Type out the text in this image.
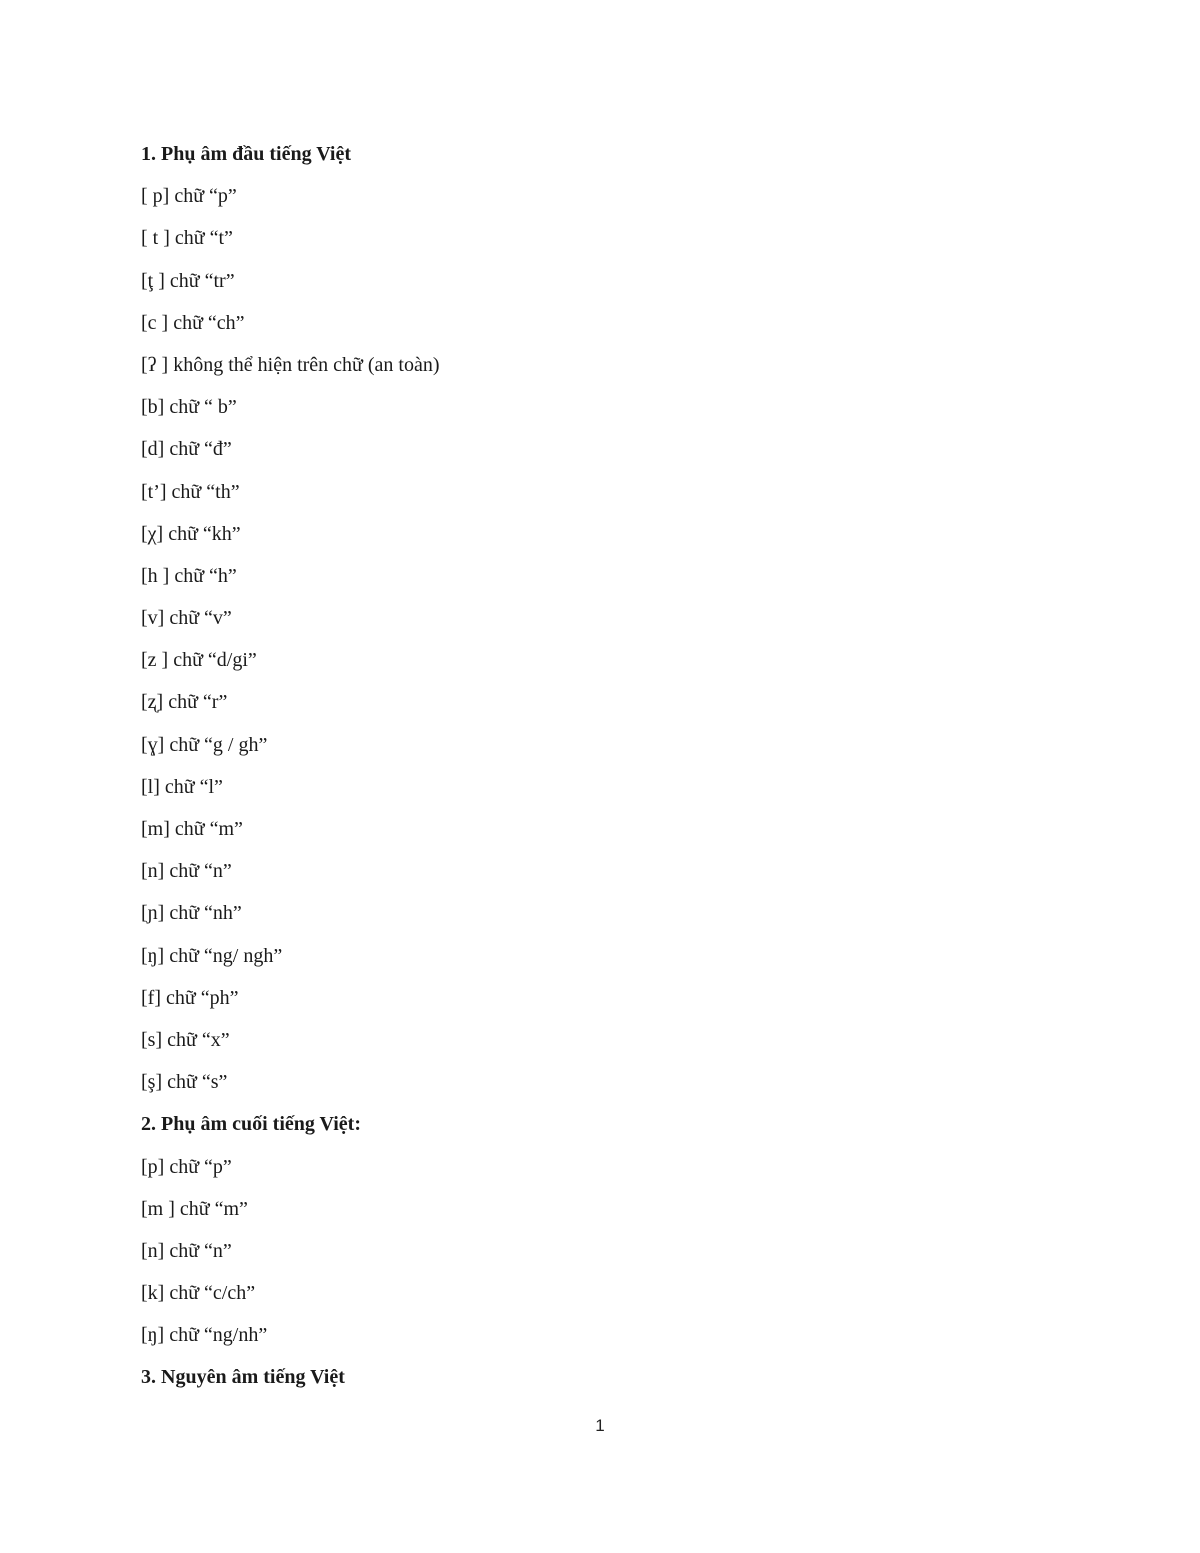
1. Phụ âm đầu tiếng Việt
[ p] chữ “p”
[ t ] chữ “t”
[ţ ] chữ “tr”
[c ] chữ “ch”
[ʔ ] không thể hiện trên chữ (an toàn)
[b] chữ “ b”
[d] chữ “đ”
[t’] chữ “th”
[χ] chữ “kh”
[h ] chữ “h”
[v] chữ “v”
[z ] chữ “d/gi”
[ʐ] chữ “r”
[ɣ] chữ “g / gh”
[l] chữ “l”
[m] chữ “m”
[n] chữ “n”
[ɲ] chữ “nh”
[ŋ] chữ “ng/ ngh”
[f] chữ “ph”
[s] chữ “x”
[ş] chữ “s”
2. Phụ âm cuối tiếng Việt:
[p] chữ “p”
[m ] chữ “m”
[n] chữ “n”
[k] chữ “c/ch”
[ŋ] chữ “ng/nh”
3. Nguyên âm tiếng Việt
1
